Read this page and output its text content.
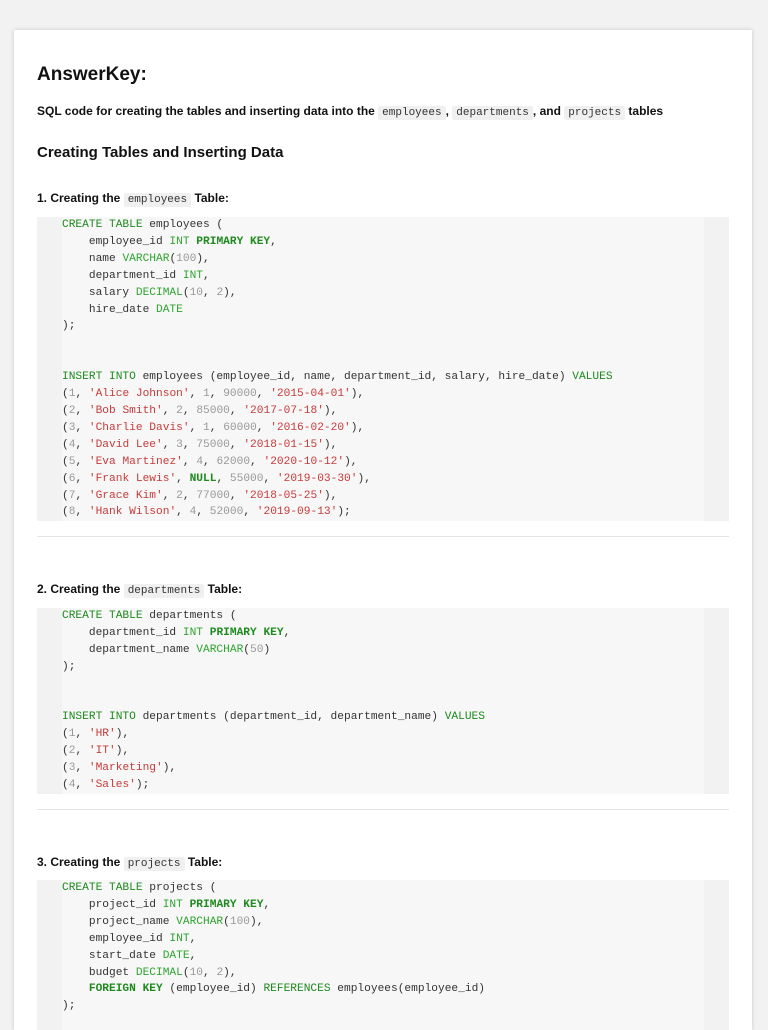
AnswerKey:
SQL code for creating the tables and inserting data into the employees , departments , and projects tables
Creating Tables and Inserting Data
1. Creating the employees Table:
CREATE TABLE employees (
employee_id INT PRIMARY KEY,
name VARCHAR(100),
department_id INT,
salary DECIMAL(10, 2),
hire_date DATE
);

INSERT INTO employees (employee_id, name, department_id, salary, hire_date) VALUES
(1, 'Alice Johnson', 1, 90000, '2015-04-01'),
(2, 'Bob Smith', 2, 85000, '2017-07-18'),
(3, 'Charlie Davis', 1, 60000, '2016-02-20'),
(4, 'David Lee', 3, 75000, '2018-01-15'),
(5, 'Eva Martinez', 4, 62000, '2020-10-12'),
(6, 'Frank Lewis', NULL, 55000, '2019-03-30'),
(7, 'Grace Kim', 2, 77000, '2018-05-25'),
(8, 'Hank Wilson', 4, 52000, '2019-09-13');
2. Creating the departments Table:
CREATE TABLE departments (
department_id INT PRIMARY KEY,
department_name VARCHAR(50)
);

INSERT INTO departments (department_id, department_name) VALUES
(1, 'HR'),
(2, 'IT'),
(3, 'Marketing'),
(4, 'Sales');
3. Creating the projects Table:
CREATE TABLE projects (
project_id INT PRIMARY KEY,
project_name VARCHAR(100),
employee_id INT,
start_date DATE,
budget DECIMAL(10, 2),
FOREIGN KEY (employee_id) REFERENCES employees(employee_id)
);
